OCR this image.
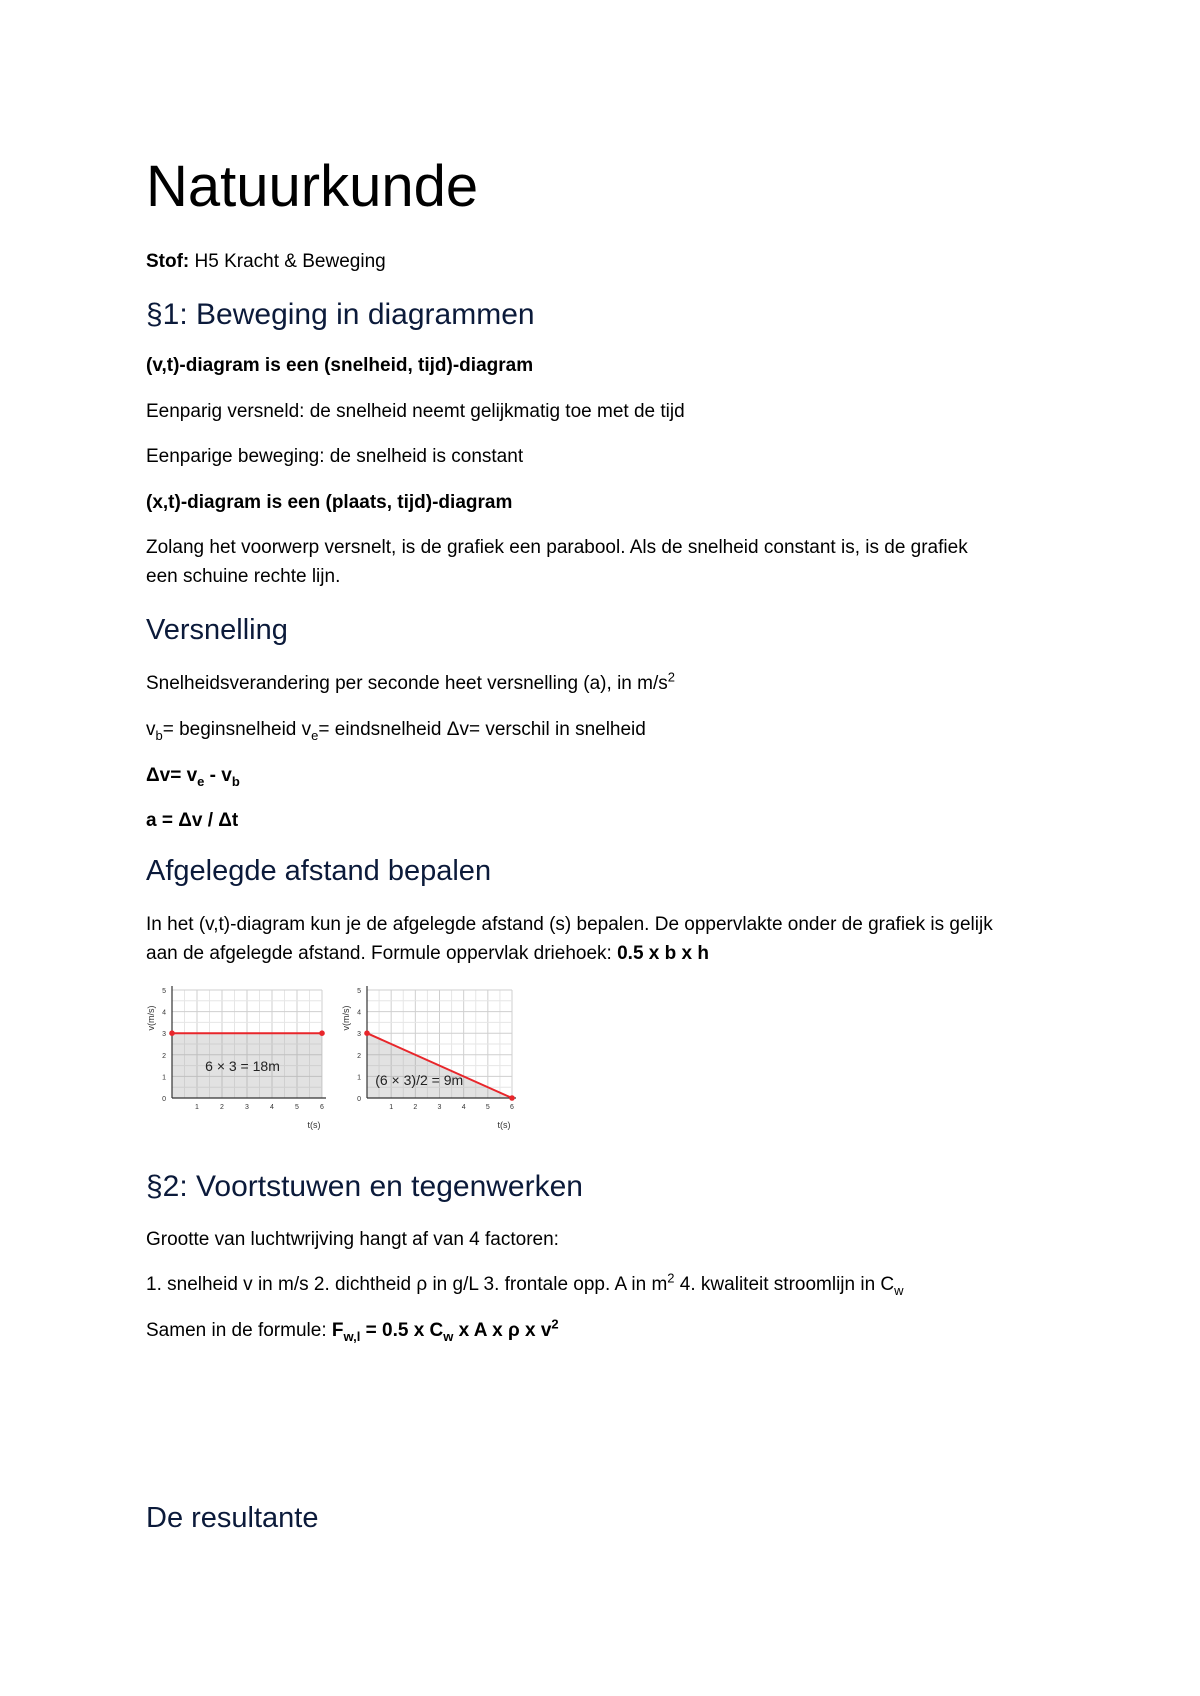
Natuurkunde
Stof: H5 Kracht & Beweging
§1: Beweging in diagrammen

(v,t)-diagram is een (snelheid, tijd)-diagram

Eenparig versneld: de snelheid neemt gelijkmatig toe met de tijd

Eenparige beweging: de snelheid is constant

(x,t)-diagram is een (plaats, tijd)-diagram

Zolang het voorwerp versnelt, is de grafiek een parabool. Als de snelheid constant is, is de grafiek

een schuine rechte lijn.

Versnelling

Snelheidsverandering per seconde heet versnelling (a), in $m/s^2$

$v_b=$ beginsnelheid $v_e=$ eindsnelheid Δv= verschil in snelheid

$\Delta v= v_e - v_b$

a = Δv / Δt

Afgelegde afstand bepalen

In het (v,t)-diagram kun je de afgelegde afstand (s) bepalen. De oppervlakte onder de grafiek is gelijk

aan de afgelegde afstand. Formule oppervlak driehoek: 0.5 x b x h

1	2	3	4	5	6
0
1
2
3
4
5
t(s)
v(m/s)
6 × 3 = 18m
1	2	3	4	5	6
0
1
2
3
4
5
t(s)
v(m/s)
(6 × 3)/2 = 9m
§2: Voortstuwen en tegenwerken

Grootte van luchtwrijving hangt af van 4 factoren:

1. snelheid v in m/s 2. dichtheid ρ in g/L 3. frontale opp. A in $m^2$ 4. kwaliteit stroomlijn in $C_w$

Samen in de formule: $F_{w,l} = 0.5$ x $C_w$ x A x ρ x $v^2$

De resultante
